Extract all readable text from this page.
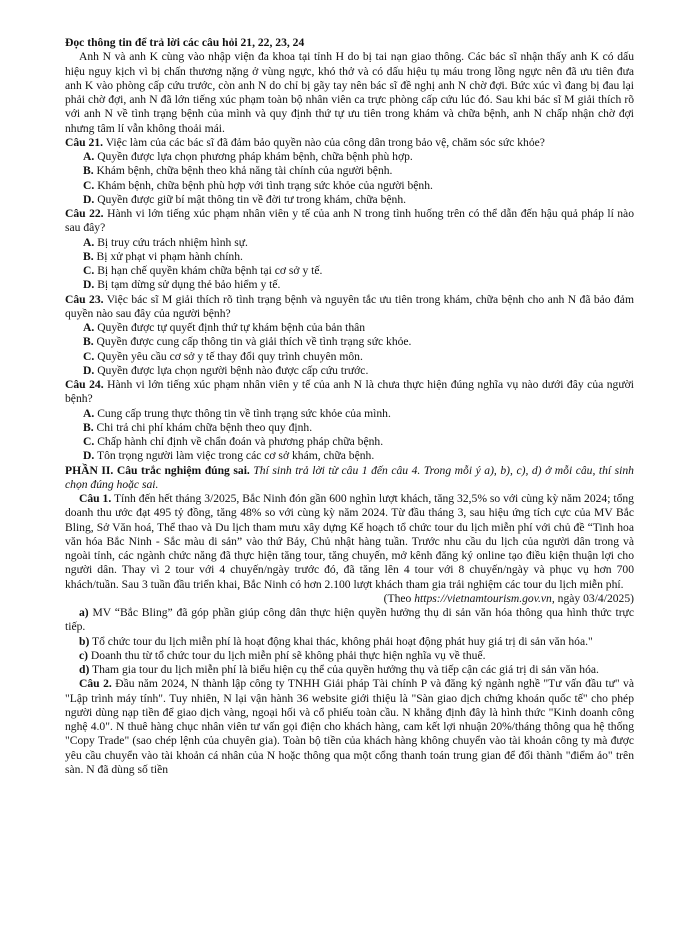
Đọc thông tin để trả lời các câu hỏi 21, 22, 23, 24

Anh N và anh K cùng vào nhập viện đa khoa tại tỉnh H do bị tai nạn giao thông. Các bác sĩ nhận thấy anh K có dấu hiệu nguy kịch vì bị chấn thương nặng ở vùng ngực, khó thở và có dấu hiệu tụ máu trong lồng ngực nên đã ưu tiên đưa anh K vào phòng cấp cứu trước, còn anh N do chỉ bị gãy tay nên bác sĩ đề nghị anh N chờ đợi. Bức xúc vì đang bị đau lại phải chờ đợi, anh N đã lớn tiếng xúc phạm toàn bộ nhân viên ca trực phòng cấp cứu lúc đó. Sau khi bác sĩ M giải thích rõ với anh N về tình trạng bệnh của mình và quy định thứ tự ưu tiên trong khám và chữa bệnh, anh N chấp nhận chờ đợi nhưng tâm lí vẫn không thoải mái.

Câu 21. Việc làm của các bác sĩ đã đảm bảo quyền nào của công dân trong bảo vệ, chăm sóc sức khỏe?

A. Quyền được lựa chọn phương pháp khám bệnh, chữa bệnh phù hợp.

B. Khám bệnh, chữa bệnh theo khả năng tài chính của người bệnh.

C. Khám bệnh, chữa bệnh phù hợp với tình trạng sức khỏe của người bệnh.

D. Quyền được giữ bí mật thông tin về đời tư trong khám, chữa bệnh.

Câu 22. Hành vi lớn tiếng xúc phạm nhân viên y tế của anh N trong tình huống trên có thể dẫn đến hậu quả pháp lí nào sau đây?

A. Bị truy cứu trách nhiệm hình sự.

B. Bị xử phạt vi phạm hành chính.

C. Bị hạn chế quyền khám chữa bệnh tại cơ sở y tế.

D. Bị tạm dừng sử dụng thẻ bảo hiểm y tế.

Câu 23. Việc bác sĩ M giải thích rõ tình trạng bệnh và nguyên tắc ưu tiên trong khám, chữa bệnh cho anh N đã bảo đảm quyền nào sau đây của người bệnh?

A. Quyền được tự quyết định thứ tự khám bệnh của bản thân

B. Quyền được cung cấp thông tin và giải thích về tình trạng sức khỏe.

C. Quyền yêu cầu cơ sở y tế thay đổi quy trình chuyên môn.

D. Quyền được lựa chọn người bệnh nào được cấp cứu trước.

Câu 24. Hành vi lớn tiếng xúc phạm nhân viên y tế của anh N là chưa thực hiện đúng nghĩa vụ nào dưới đây của người bệnh?

A. Cung cấp trung thực thông tin về tình trạng sức khỏe của mình.

B. Chi trả chi phí khám chữa bệnh theo quy định.

C. Chấp hành chỉ định về chẩn đoán và phương pháp chữa bệnh.

D. Tôn trọng người làm việc trong các cơ sở khám, chữa bệnh.

PHẦN II. Câu trắc nghiệm đúng sai. Thí sinh trả lời từ câu 1 đến câu 4. Trong mỗi ý a), b), c), d) ở mỗi câu, thí sinh chọn đúng hoặc sai.

Câu 1. Tính đến hết tháng 3/2025, Bắc Ninh đón gần 600 nghìn lượt khách, tăng 32,5% so với cùng kỳ năm 2024; tổng doanh thu ước đạt 495 tỷ đồng, tăng 48% so với cùng kỳ năm 2024. Từ đầu tháng 3, sau hiệu ứng tích cực của MV Bắc Bling, Sở Văn hoá, Thể thao và Du lịch tham mưu xây dựng Kế hoạch tổ chức tour du lịch miễn phí với chủ đề “Tinh hoa văn hóa Bắc Ninh - Sắc màu di sản” vào thứ Bảy, Chủ nhật hàng tuần. Trước nhu cầu du lịch của người dân trong và ngoài tỉnh, các ngành chức năng đã thực hiện tăng tour, tăng chuyến, mở kênh đăng ký online tạo điều kiện thuận lợi cho người dân. Thay vì 2 tour với 4 chuyến/ngày trước đó, đã tăng lên 4 tour với 8 chuyến/ngày và phục vụ hơn 700 khách/tuần. Sau 3 tuần đầu triển khai, Bắc Ninh có hơn 2.100 lượt khách tham gia trải nghiệm các tour du lịch miễn phí.

(Theo https://vietnamtourism.gov.vn, ngày 03/4/2025)

a) MV “Bắc Bling” đã góp phần giúp công dân thực hiện quyền hưởng thụ di sản văn hóa thông qua hình thức trực tiếp.

b) Tổ chức tour du lịch miễn phí là hoạt động khai thác, không phải hoạt động phát huy giá trị di sản văn hóa."

c) Doanh thu từ tổ chức tour du lịch miễn phí sẽ không phải thực hiện nghĩa vụ về thuế.

d) Tham gia tour du lịch miễn phí là biểu hiện cụ thể của quyền hưởng thụ và tiếp cận các giá trị di sản văn hóa.

Câu 2. Đầu năm 2024, N thành lập công ty TNHH Giải pháp Tài chính P và đăng ký ngành nghề "Tư vấn đầu tư" và "Lập trình máy tính". Tuy nhiên, N lại vận hành 36 website giới thiệu là "Sàn giao dịch chứng khoán quốc tế" cho phép người dùng nạp tiền để giao dịch vàng, ngoại hối và cổ phiếu toàn cầu. N khẳng định đây là hình thức "Kinh doanh công nghệ 4.0". N thuê hàng chục nhân viên tư vấn gọi điện cho khách hàng, cam kết lợi nhuận 20%/tháng thông qua hệ thống "Copy Trade" (sao chép lệnh của chuyên gia). Toàn bộ tiền của khách hàng không chuyển vào tài khoản công ty mà được yêu cầu chuyển vào tài khoản cá nhân của N hoặc thông qua một cổng thanh toán trung gian để đổi thành "điểm ảo" trên sàn. N đã dùng số tiền
